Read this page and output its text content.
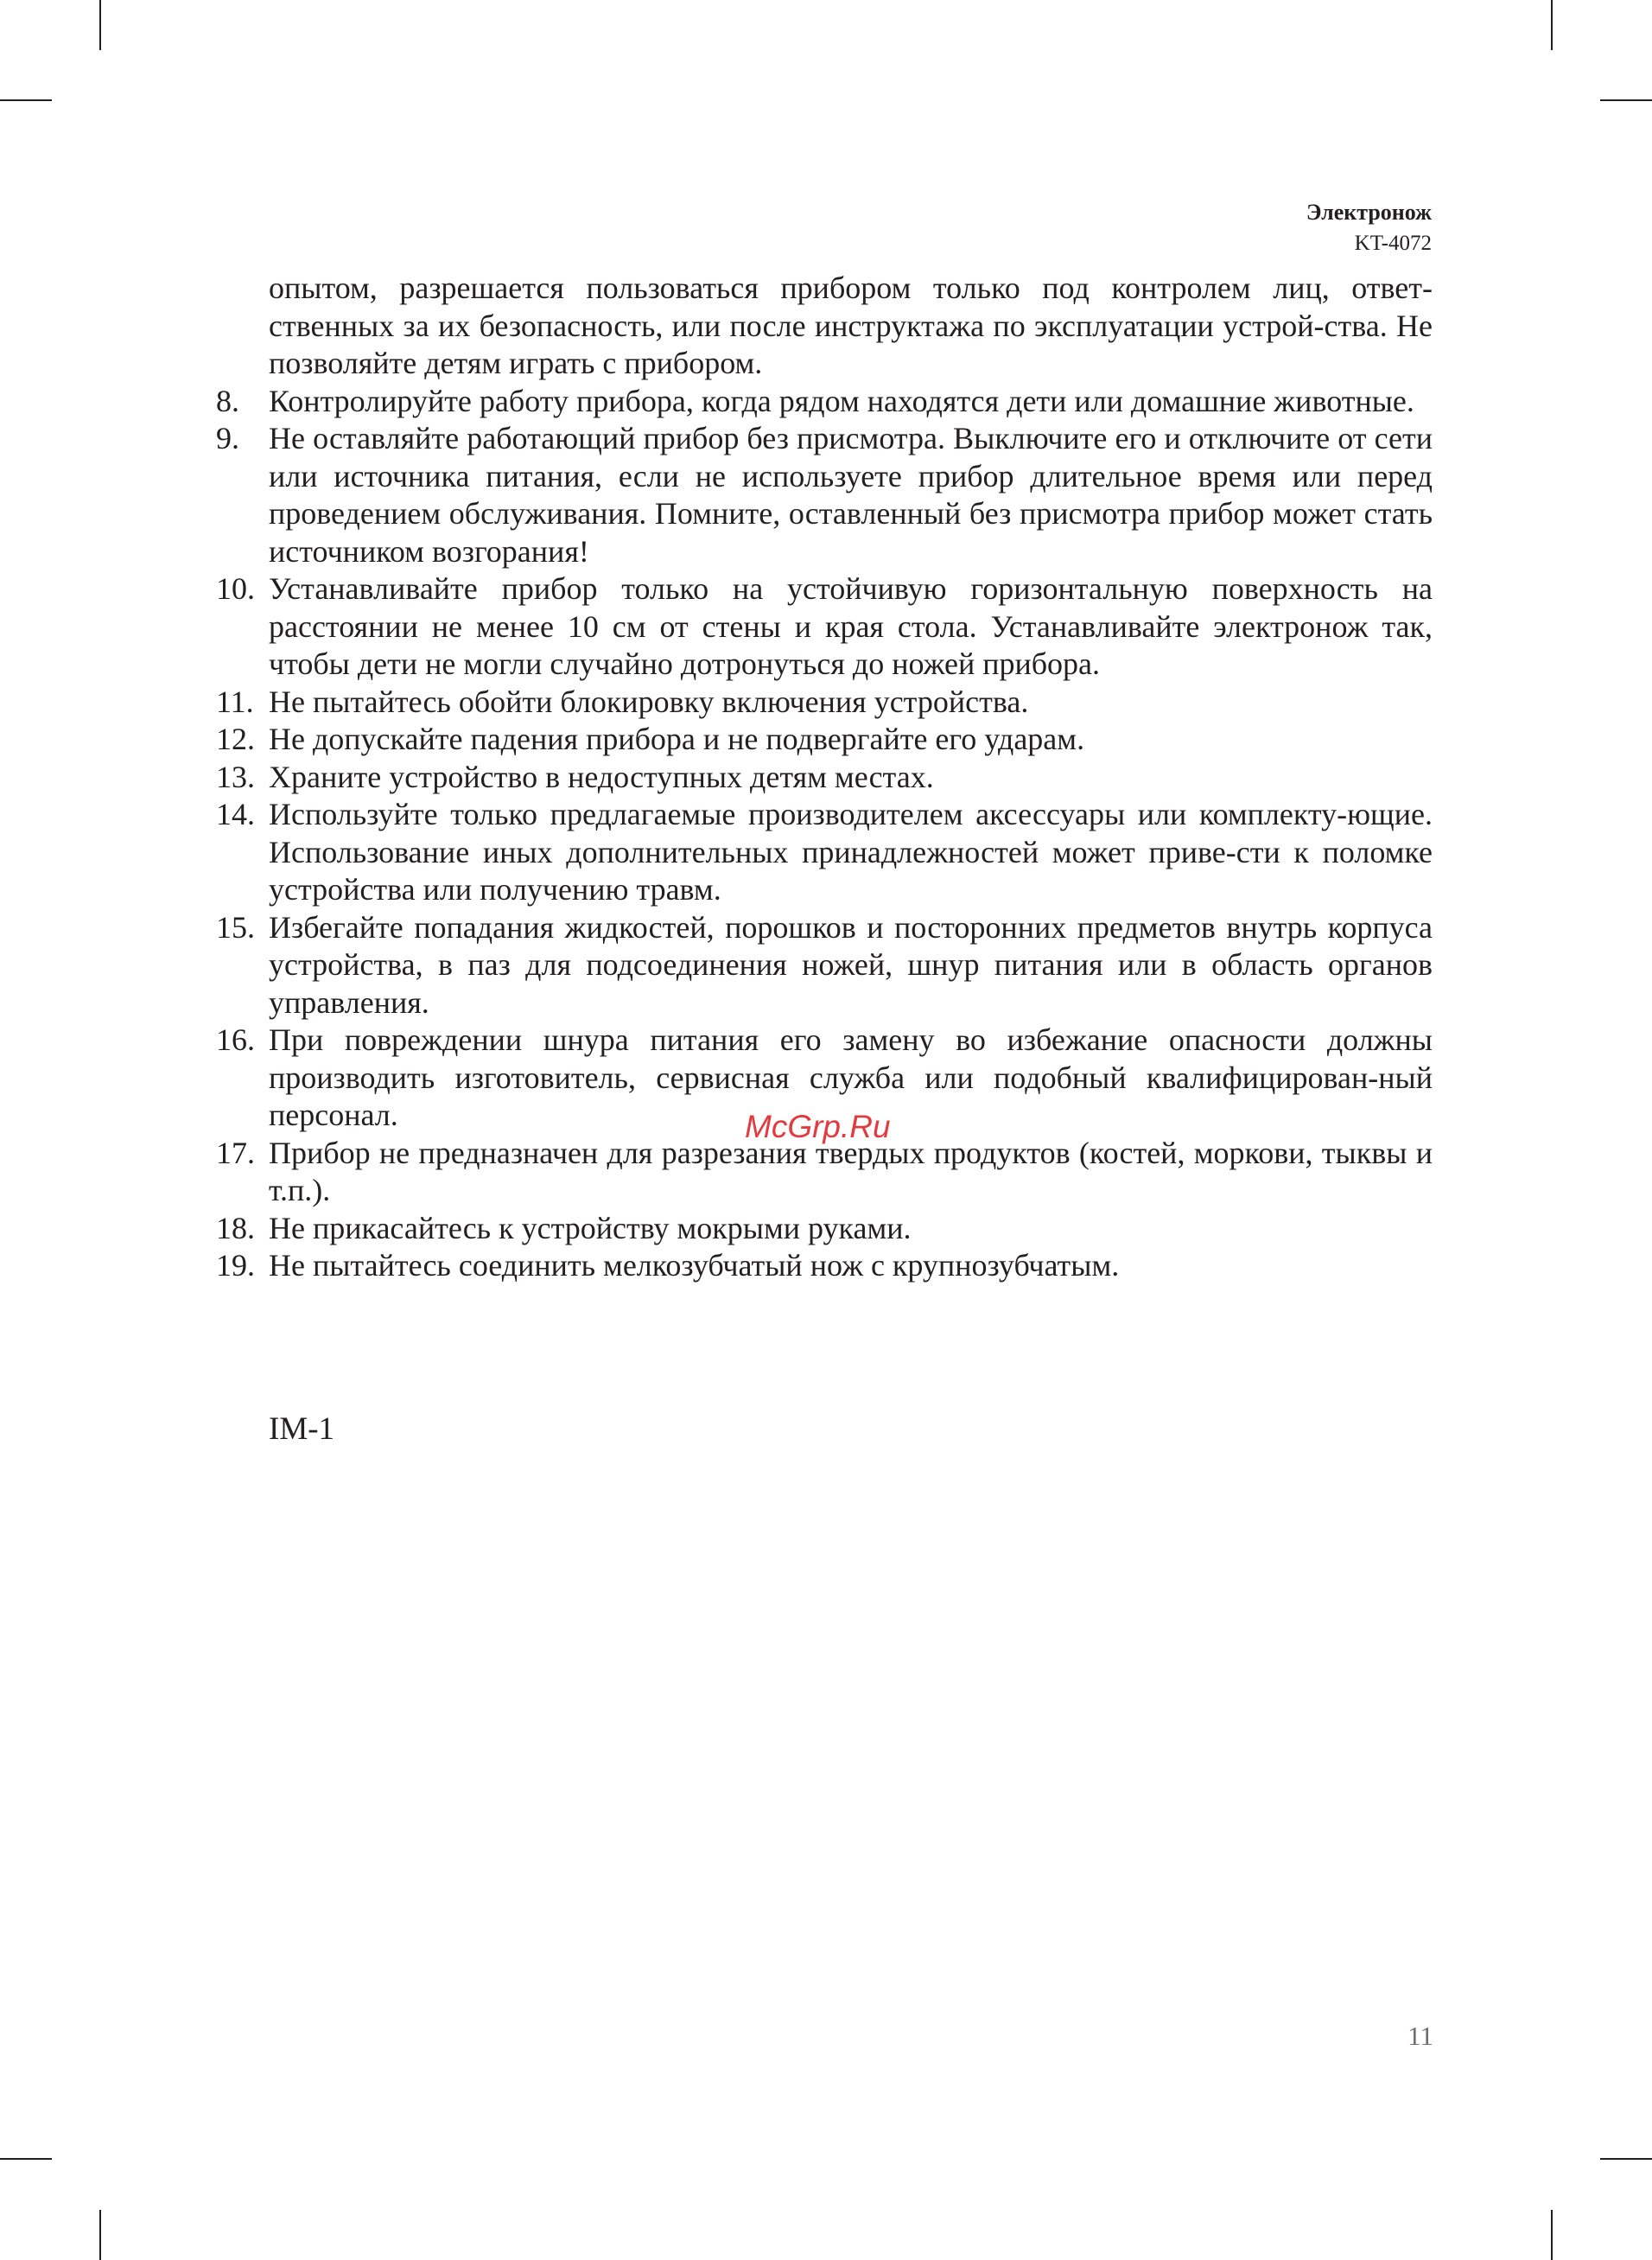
Электронож
KT-4072

опытом, разрешается пользоваться прибором только под контролем лиц, ответ-ственных за их безопасность, или после инструктажа по эксплуатации устрой-ства. Не позволяйте детям играть с прибором.

8. Контролируйте работу прибора, когда рядом находятся дети или домашние животные.
9. Не оставляйте работающий прибор без присмотра. Выключите его и отключите от сети или источника питания, если не используете прибор длительное время или перед проведением обслуживания. Помните, оставленный без присмотра прибор может стать источником возгорания!
10. Устанавливайте прибор только на устойчивую горизонтальную поверхность на расстоянии не менее 10 см от стены и края стола. Устанавливайте электронож так, чтобы дети не могли случайно дотронуться до ножей прибора.
11. Не пытайтесь обойти блокировку включения устройства.
12. Не допускайте падения прибора и не подвергайте его ударам.
13. Храните устройство в недоступных детям местах.
14. Используйте только предлагаемые производителем аксессуары или комплекту-ющие. Использование иных дополнительных принадлежностей может приве-сти к поломке устройства или получению травм.
15. Избегайте попадания жидкостей, порошков и посторонних предметов внутрь корпуса устройства, в паз для подсоединения ножей, шнур питания или в область органов управления.
16. При повреждении шнура питания его замену во избежание опасности должны производить изготовитель, сервисная служба или подобный квалифицирован-ный персонал.
17. Прибор не предназначен для разрезания твердых продуктов (костей, моркови, тыквы и т.п.).
18. Не прикасайтесь к устройству мокрыми руками.
19. Не пытайтесь соединить мелкозубчатый нож с крупнозубчатым.
McGrp.Ru
IM-1
11
